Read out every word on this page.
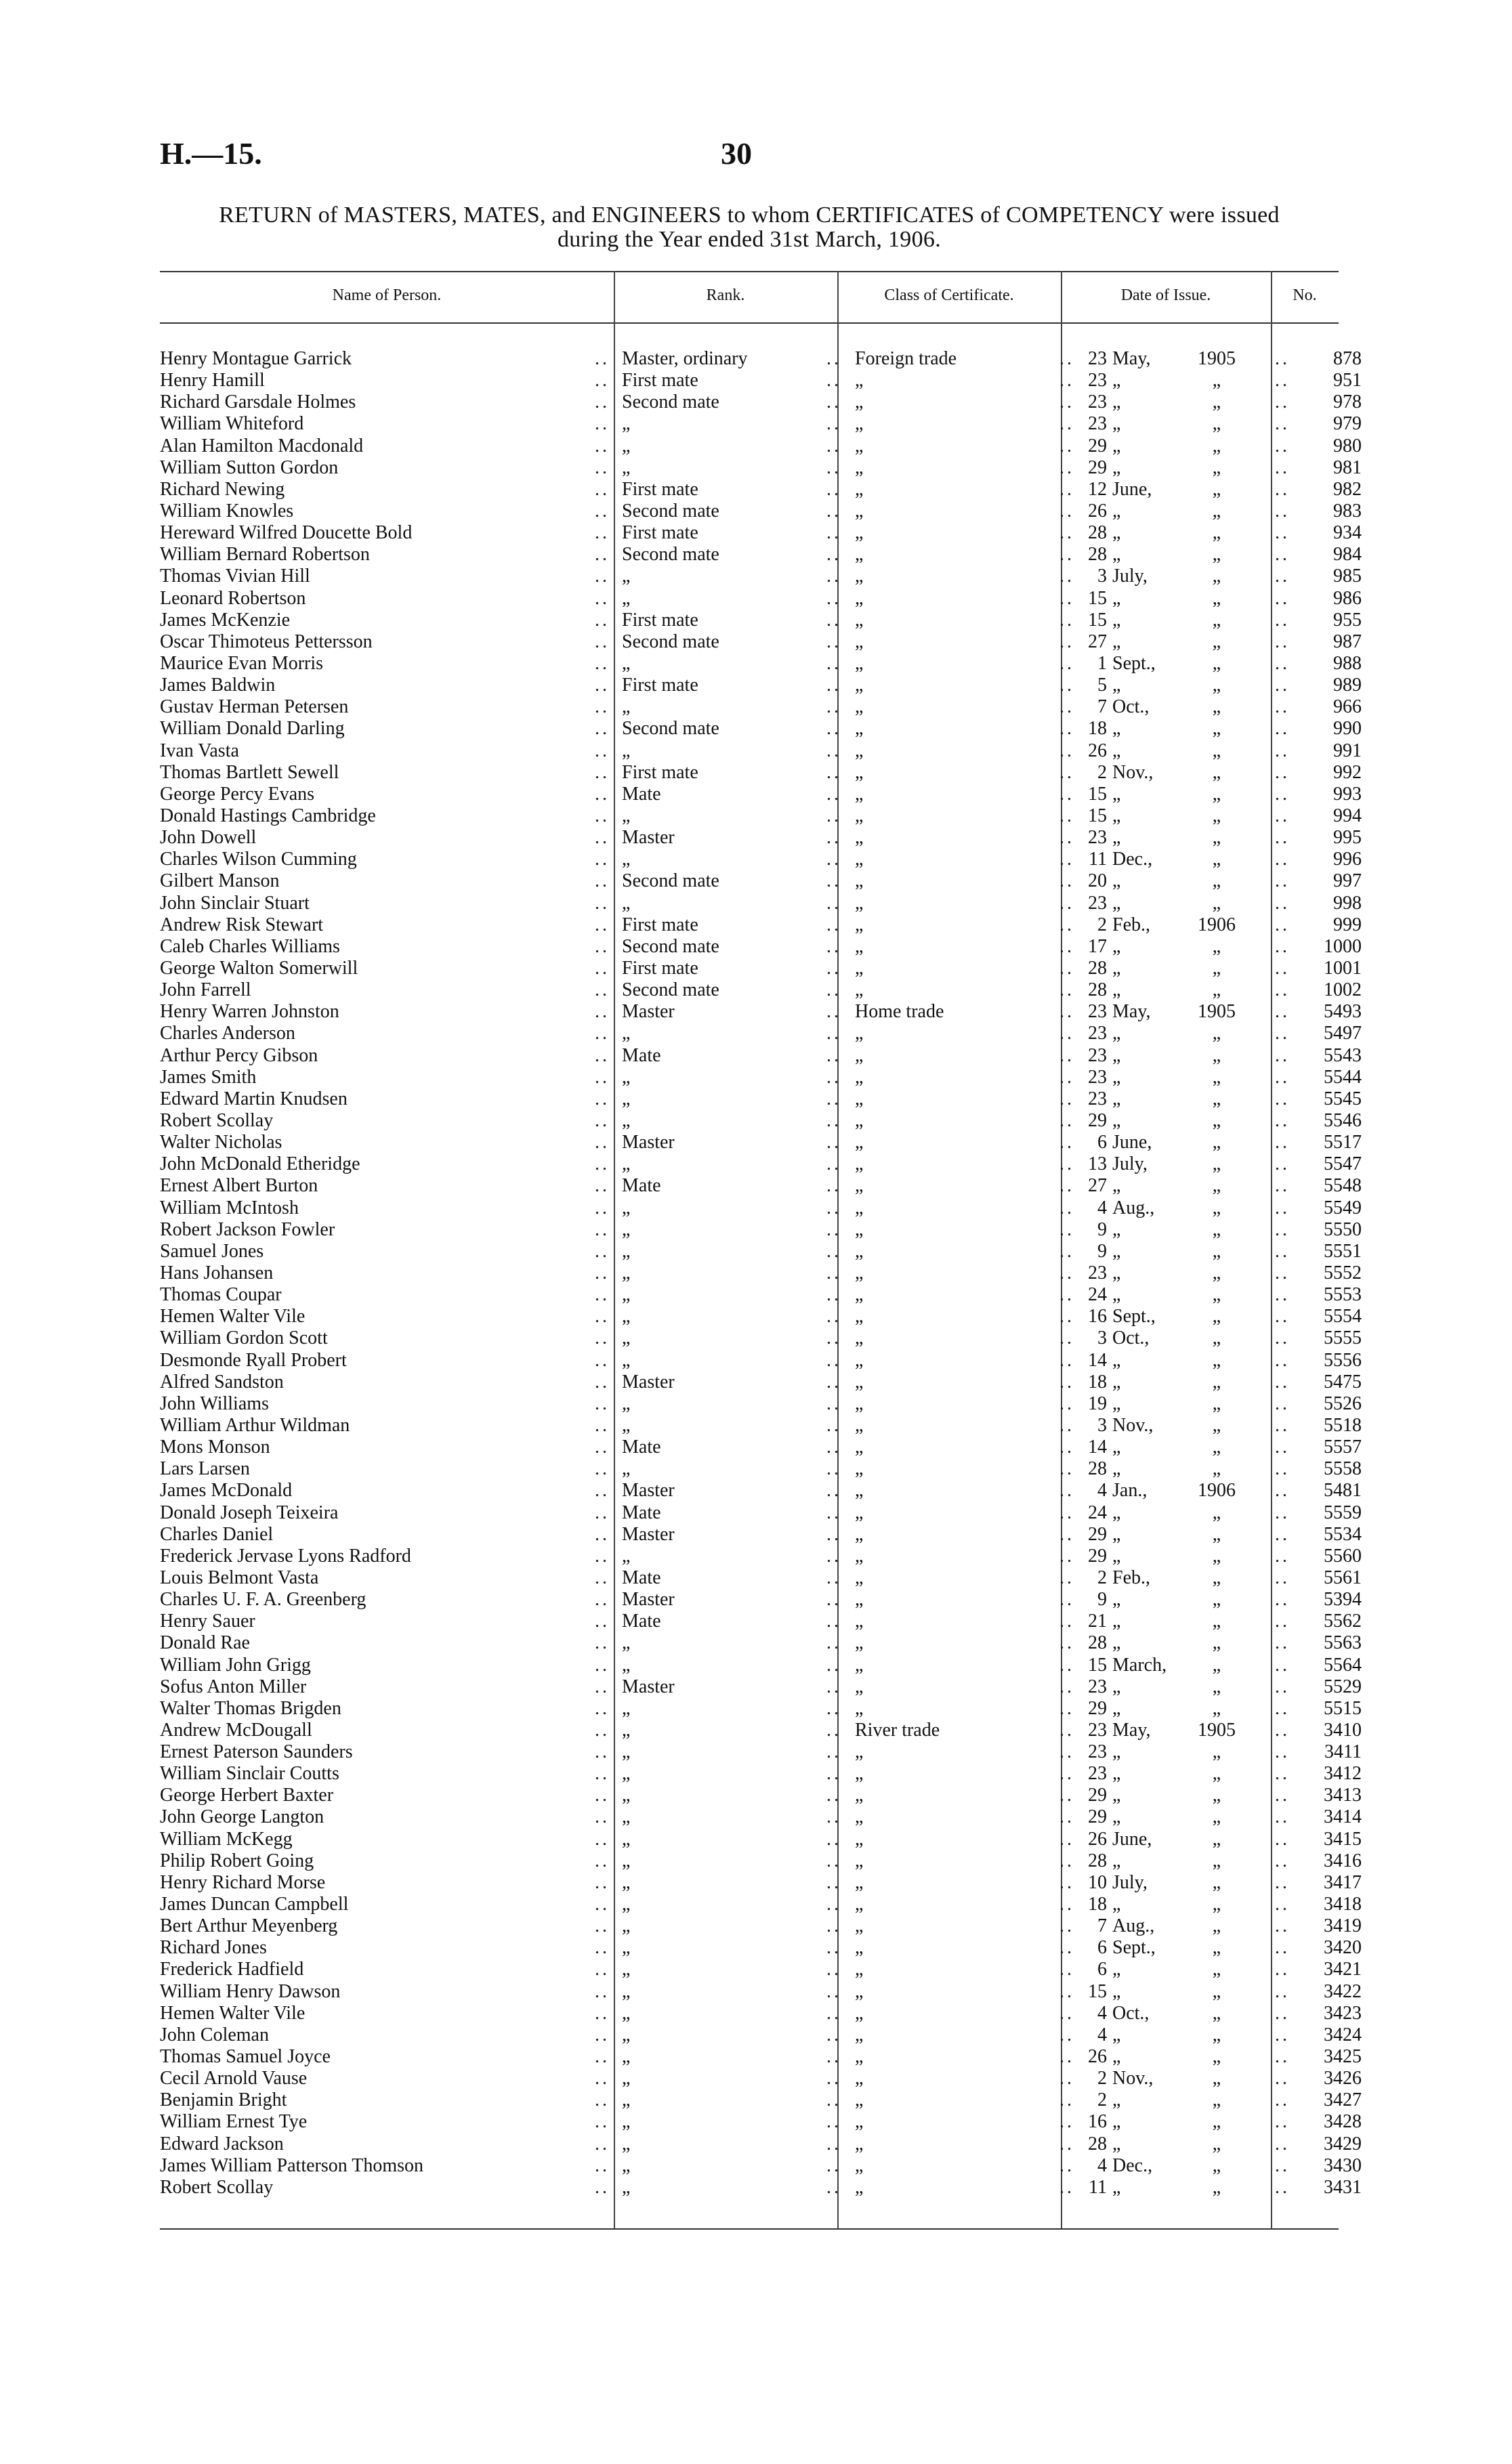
H.—15.	30
RETURN of MASTERS, MATES, and ENGINEERS to whom CERTIFICATES of COMPETENCY were issued
during the Year ended 31st March, 1906.
Name of Person.	Rank.	Class of Certificate.	Date of Issue.	No.
Henry Montague Garrick ..	Master, ordinary ..	Foreign trade ..	23 May, 1905 ..	878
Henry Hamill ..	First mate ..	„ ..	23 „ „ ..	951
Richard Garsdale Holmes ..	Second mate ..	„ ..	23 „ „ ..	978
William Whiteford ..	„ ..	„ ..	23 „ „ ..	979
Alan Hamilton Macdonald ..	„ ..	„ ..	29 „ „ ..	980
William Sutton Gordon ..	„ ..	„ ..	29 „ „ ..	981
Richard Newing ..	First mate ..	„ ..	12 June, „ ..	982
William Knowles ..	Second mate ..	„ ..	26 „ „ ..	983
Hereward Wilfred Doucette Bold ..	First mate ..	„ ..	28 „ „ ..	934
William Bernard Robertson ..	Second mate ..	„ ..	28 „ „ ..	984
Thomas Vivian Hill ..	„ ..	„ ..	3 July, „ ..	985
Leonard Robertson ..	„ ..	„ ..	15 „ „ ..	986
James McKenzie ..	First mate ..	„ ..	15 „ „ ..	955
Oscar Thimoteus Pettersson ..	Second mate ..	„ ..	27 „ „ ..	987
Maurice Evan Morris ..	„ ..	„ ..	1 Sept., „ ..	988
James Baldwin ..	First mate ..	„ ..	5 „ „ ..	989
Gustav Herman Petersen ..	„ ..	„ ..	7 Oct., „ ..	966
William Donald Darling ..	Second mate ..	„ ..	18 „ „ ..	990
Ivan Vasta ..	„ ..	„ ..	26 „ „ ..	991
Thomas Bartlett Sewell ..	First mate ..	„ ..	2 Nov., „ ..	992
George Percy Evans ..	Mate ..	„ ..	15 „ „ ..	993
Donald Hastings Cambridge ..	„ ..	„ ..	15 „ „ ..	994
John Dowell ..	Master ..	„ ..	23 „ „ ..	995
Charles Wilson Cumming ..	„ ..	„ ..	11 Dec., „ ..	996
Gilbert Manson ..	Second mate ..	„ ..	20 „ „ ..	997
John Sinclair Stuart ..	„ ..	„ ..	23 „ „ ..	998
Andrew Risk Stewart ..	First mate ..	„ ..	2 Feb., 1906 ..	999
Caleb Charles Williams ..	Second mate ..	„ ..	17 „ „ ..	1000
George Walton Somerwill ..	First mate ..	„ ..	28 „ „ ..	1001
John Farrell ..	Second mate ..	„ ..	28 „ „ ..	1002
Henry Warren Johnston ..	Master ..	Home trade ..	23 May, 1905 ..	5493
Charles Anderson ..	„ ..	„ ..	23 „ „ ..	5497
Arthur Percy Gibson ..	Mate ..	„ ..	23 „ „ ..	5543
James Smith ..	„ ..	„ ..	23 „ „ ..	5544
Edward Martin Knudsen ..	„ ..	„ ..	23 „ „ ..	5545
Robert Scollay ..	„ ..	„ ..	29 „ „ ..	5546
Walter Nicholas ..	Master ..	„ ..	6 June, „ ..	5517
John McDonald Etheridge ..	„ ..	„ ..	13 July, „ ..	5547
Ernest Albert Burton ..	Mate ..	„ ..	27 „ „ ..	5548
William McIntosh ..	„ ..	„ ..	4 Aug., „ ..	5549
Robert Jackson Fowler ..	„ ..	„ ..	9 „ „ ..	5550
Samuel Jones ..	„ ..	„ ..	9 „ „ ..	5551
Hans Johansen ..	„ ..	„ ..	23 „ „ ..	5552
Thomas Coupar ..	„ ..	„ ..	24 „ „ ..	5553
Hemen Walter Vile ..	„ ..	„ ..	16 Sept., „ ..	5554
William Gordon Scott ..	„ ..	„ ..	3 Oct., „ ..	5555
Desmonde Ryall Probert ..	„ ..	„ ..	14 „ „ ..	5556
Alfred Sandston ..	Master ..	„ ..	18 „ „ ..	5475
John Williams ..	„ ..	„ ..	19 „ „ ..	5526
William Arthur Wildman ..	„ ..	„ ..	3 Nov., „ ..	5518
Mons Monson ..	Mate ..	„ ..	14 „ „ ..	5557
Lars Larsen ..	„ ..	„ ..	28 „ „ ..	5558
James McDonald ..	Master ..	„ ..	4 Jan., 1906 ..	5481
Donald Joseph Teixeira ..	Mate ..	„ ..	24 „ „ ..	5559
Charles Daniel ..	Master ..	„ ..	29 „ „ ..	5534
Frederick Jervase Lyons Radford ..	„ ..	„ ..	29 „ „ ..	5560
Louis Belmont Vasta ..	Mate ..	„ ..	2 Feb., „ ..	5561
Charles U. F. A. Greenberg ..	Master ..	„ ..	9 „ „ ..	5394
Henry Sauer ..	Mate ..	„ ..	21 „ „ ..	5562
Donald Rae ..	„ ..	„ ..	28 „ „ ..	5563
William John Grigg ..	„ ..	„ ..	15 March, „ ..	5564
Sofus Anton Miller ..	Master ..	„ ..	23 „ „ ..	5529
Walter Thomas Brigden ..	„ ..	„ ..	29 „ „ ..	5515
Andrew McDougall ..	„ ..	River trade ..	23 May, 1905 ..	3410
Ernest Paterson Saunders ..	„ ..	„ ..	23 „ „ ..	3411
William Sinclair Coutts ..	„ ..	„ ..	23 „ „ ..	3412
George Herbert Baxter ..	„ ..	„ ..	29 „ „ ..	3413
John George Langton ..	„ ..	„ ..	29 „ „ ..	3414
William McKegg ..	„ ..	„ ..	26 June, „ ..	3415
Philip Robert Going ..	„ ..	„ ..	28 „ „ ..	3416
Henry Richard Morse ..	„ ..	„ ..	10 July, „ ..	3417
James Duncan Campbell ..	„ ..	„ ..	18 „ „ ..	3418
Bert Arthur Meyenberg ..	„ ..	„ ..	7 Aug., „ ..	3419
Richard Jones ..	„ ..	„ ..	6 Sept., „ ..	3420
Frederick Hadfield ..	„ ..	„ ..	6 „ „ ..	3421
William Henry Dawson ..	„ ..	„ ..	15 „ „ ..	3422
Hemen Walter Vile ..	„ ..	„ ..	4 Oct., „ ..	3423
John Coleman ..	„ ..	„ ..	4 „ „ ..	3424
Thomas Samuel Joyce ..	„ ..	„ ..	26 „ „ ..	3425
Cecil Arnold Vause ..	„ ..	„ ..	2 Nov., „ ..	3426
Benjamin Bright ..	„ ..	„ ..	2 „ „ ..	3427
William Ernest Tye ..	„ ..	„ ..	16 „ „ ..	3428
Edward Jackson ..	„ ..	„ ..	28 „ „ ..	3429
James William Patterson Thomson ..	„ ..	„ ..	4 Dec., „ ..	3430
Robert Scollay ..	„ ..	„ ..	11 „ „ ..	3431
